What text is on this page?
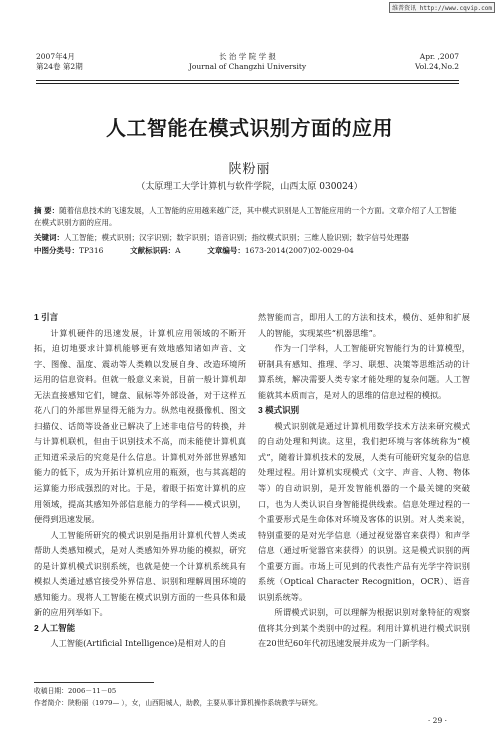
维普资讯 http://www.cqvip.com
2007年4月
第24卷 第2期
长 治 学 院 学 报
Journal of Changzhi University
Apr. ,2007
Vol.24,No.2
人工智能在模式识别方面的应用
陕粉丽
（太原理工大学计算机与软件学院，山西太原 030024）
摘 要：随着信息技术的飞速发展，人工智能的应用越来越广泛，其中模式识别是人工智能应用的一个方面。文章介绍了人工智能在模式识别方面的应用。
关键词：人工智能；模式识别；汉字识别；数字识别；语音识别；指纹模式识别；三维人脸识别；数字信号处理器
中图分类号：TP316	文献标识码：A	文章编号：1673-2014(2007)02-0029-04
1 引言

计算机硬件的迅速发展，计算机应用领域的不断开拓，迫切地要求计算机能够更有效地感知诸如声音、文字、图像、温度、震动等人类赖以发展自身、改造环境所运用的信息资料。但就一般意义来说，目前一般计算机却无法直接感知它们，键盘、鼠标等外部设备，对于这样五花八门的外部世界显得无能为力。纵然电视摄像机、图文扫描仪、话筒等设备业已解决了上述非电信号的转换，并与计算机联机，但由于识别技术不高，而未能使计算机真正知道采录后的究竟是什么信息。计算机对外部世界感知能力的低下，成为开拓计算机应用的瓶颈，也与其高超的运算能力形成强烈的对比。于是，着眼于拓宽计算机的应用领域，提高其感知外部信息能力的学科——模式识别，便得到迅速发展。

人工智能所研究的模式识别是指用计算机代替人类或帮助人类感知模式，是对人类感知外界功能的模拟，研究的是计算机模式识别系统，也就是使一个计算机系统具有模拟人类通过感官接受外界信息、识别和理解周围环境的感知能力。现将人工智能在模式识别方面的一些具体和最新的应用列举如下。

2 人工智能

人工智能(Artificial Intelligence)是相对人的自

然智能而言，即用人工的方法和技术，模仿、延伸和扩展人的智能，实现某些“机器思维”。

作为一门学科，人工智能研究智能行为的计算模型，研制具有感知、推理、学习、联想、决策等思维活动的计算系统，解决需要人类专家才能处理的复杂问题。人工智能就其本质而言，是对人的思维的信息过程的模拟。

3 模式识别

模式识别就是通过计算机用数学技术方法来研究模式的自动处理和判读。这里，我们把环境与客体统称为“模式”，随着计算机技术的发展，人类有可能研究复杂的信息处理过程。用计算机实现模式（文字、声音、人物、物体等）的自动识别，是开发智能机器的一个最关键的突破口，也为人类认识自身智能提供线索。信息处理过程的一个重要形式是生命体对环境及客体的识别。对人类来说，特别重要的是对光学信息（通过视觉器官来获得）和声学信息（通过听觉器官来获得）的识别。这是模式识别的两个重要方面。市场上可见到的代表性产品有光学字符识别系统（Optical Character Recognition，OCR）、语音识别系统等。

所谓模式识别，可以理解为根据识别对象特征的观察值将其分到某个类别中的过程。利用计算机进行模式识别在20世纪60年代初迅速发展并成为一门新学科。

收稿日期：2006－11－05
作者简介：陕粉丽（1979— ），女，山西阳城人，助教，主要从事计算机操作系统教学与研究。
· 29 ·
